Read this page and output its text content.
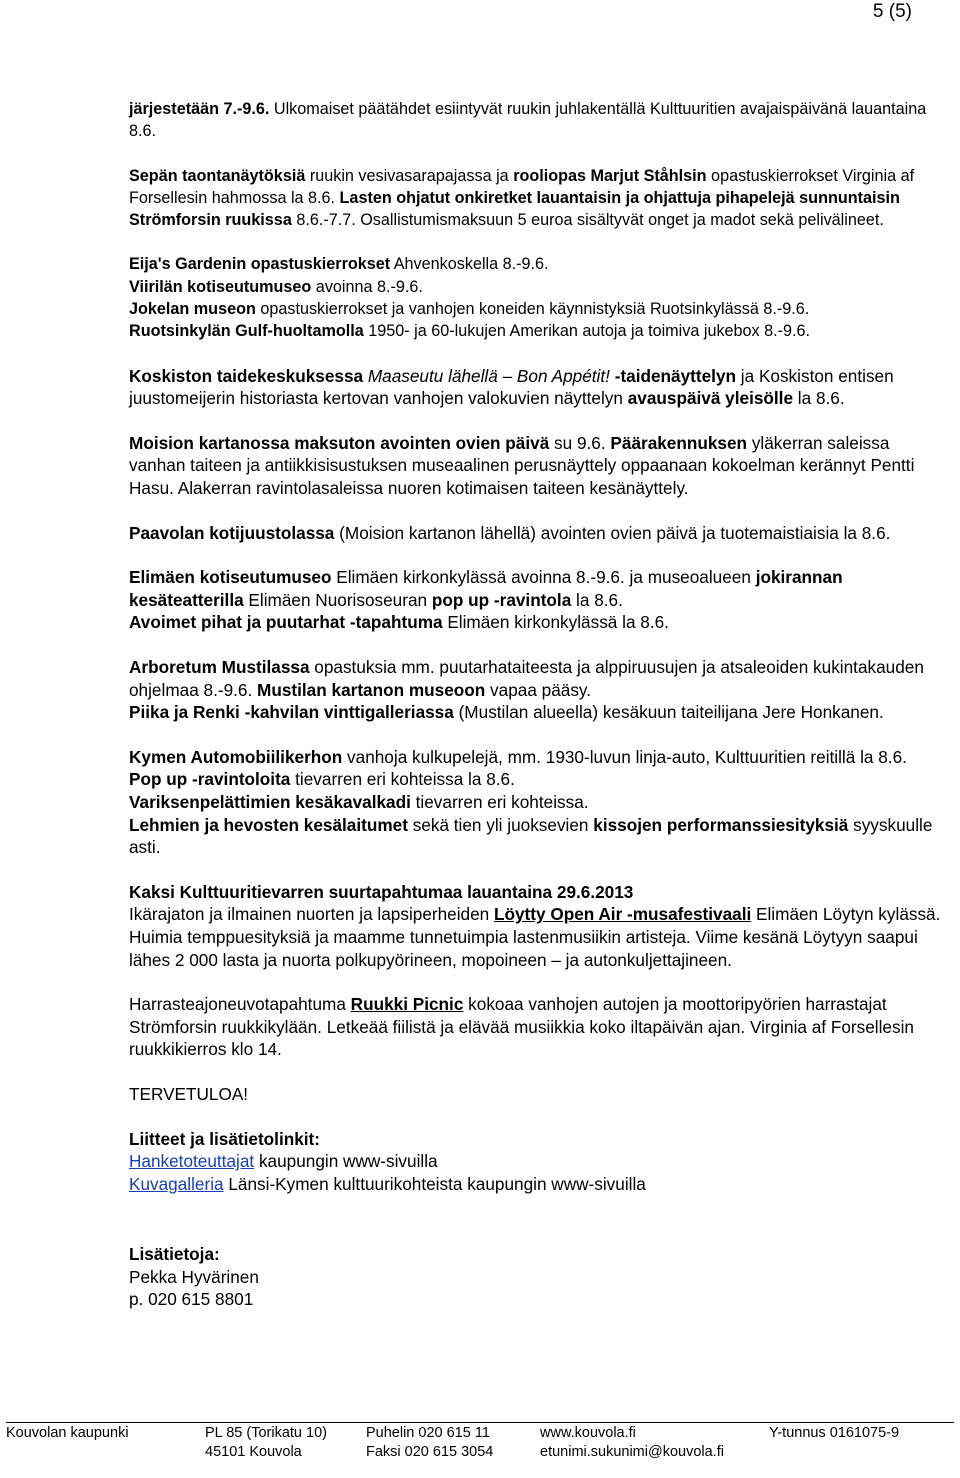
5 (5)

järjestetään 7.-9.6. Ulkomaiset päätähdet esiintyvät ruukin juhlakentällä Kulttuuritien avajaispäivänä lauantaina 8.6.

Sepän taontanäytöksiä ruukin vesivasarapajassa ja rooliopas Marjut Ståhlsin opastuskierrokset Virginia af Forsellesin hahmossa la 8.6. Lasten ohjatut onkiretket lauantaisin ja ohjattuja pihapelejä sunnuntaisin Strömforsin ruukissa 8.6.-7.7. Osallistumismaksuun 5 euroa sisältyvät onget ja madot sekä pelivälineet.

Eija's Gardenin opastuskierrokset Ahvenkoskella 8.-9.6.

Viirilän kotiseutumuseo avoinna 8.-9.6.

Jokelan museon opastuskierrokset ja vanhojen koneiden käynnistyksiä Ruotsinkylässä 8.-9.6.

Ruotsinkylän Gulf-huoltamolla 1950- ja 60-lukujen Amerikan autoja ja toimiva jukebox 8.-9.6.

Koskiston taidekeskuksessa Maaseutu lähellä – Bon Appétit! -taidenäyttelyn ja Koskiston entisen juustomeijerin historiasta kertovan vanhojen valokuvien näyttelyn avauspäivä yleisölle la 8.6.

Moision kartanossa maksuton avointen ovien päivä su 9.6. Päärakennuksen yläkerran saleissa vanhan taiteen ja antiikkisisustuksen museaalinen perusnäyttely oppaanaan kokoelman kerännyt Pentti Hasu. Alakerran ravintolasaleissa nuoren kotimaisen taiteen kesänäyttely.

Paavolan kotijuustolassa (Moision kartanon lähellä) avointen ovien päivä ja tuotemaistiaisia la 8.6.

Elimäen kotiseutumuseo Elimäen kirkonkylässä avoinna 8.-9.6. ja museoalueen jokirannan kesäteatterilla Elimäen Nuorisoseuran pop up -ravintola la 8.6.

Avoimet pihat ja puutarhat -tapahtuma Elimäen kirkonkylässä la 8.6.

Arboretum Mustilassa opastuksia mm. puutarhataiteesta ja alppiruusujen ja atsaleoiden kukintakauden ohjelmaa 8.-9.6. Mustilan kartanon museoon vapaa pääsy.

Piika ja Renki -kahvilan vinttigalleriassa (Mustilan alueella) kesäkuun taiteilijana Jere Honkanen.

Kymen Automobiilikerhon vanhoja kulkupelejä, mm. 1930-luvun linja-auto, Kulttuuritien reitillä la 8.6.

Pop up -ravintoloita tievarren eri kohteissa la 8.6.

Variksenpelättimien kesäkavalkadi tievarren eri kohteissa.

Lehmien ja hevosten kesälaitumet sekä tien yli juoksevien kissojen performanssiesityksiä syyskuulle asti.

Kaksi Kulttuuritievarren suurtapahtumaa lauantaina 29.6.2013

Ikärajaton ja ilmainen nuorten ja lapsiperheiden Löytty Open Air -musafestivaali Elimäen Löytyn kylässä. Huimia temppuesityksiä ja maamme tunnetuimpia lastenmusiikin artisteja. Viime kesänä Löytyyn saapui lähes 2 000 lasta ja nuorta polkupyörineen, mopoineen – ja autonkuljettajineen.

Harrasteajoneuvotapahtuma Ruukki Picnic kokoaa vanhojen autojen ja moottoripyörien harrastajat Strömforsin ruukkikylään. Letkeää fiilistä ja elävää musiikkia koko iltapäivän ajan. Virginia af Forsellesin ruukkikierros klo 14.

TERVETULOA!

Liitteet ja lisätietolinkit:

Hanketoteuttajat kaupungin www-sivuilla

Kuvagalleria Länsi-Kymen kulttuurikohteista kaupungin www-sivuilla

Lisätietoja:

Pekka Hyvärinen

p. 020 615 8801

Kouvolan kaupunki	PL 85 (Torikatu 10)
45101 Kouvola
Puhelin 020 615 11
Faksi 020 615 3054
www.kouvola.fi
etunimi.sukunimi@kouvola.fi
Y-tunnus 0161075-9
